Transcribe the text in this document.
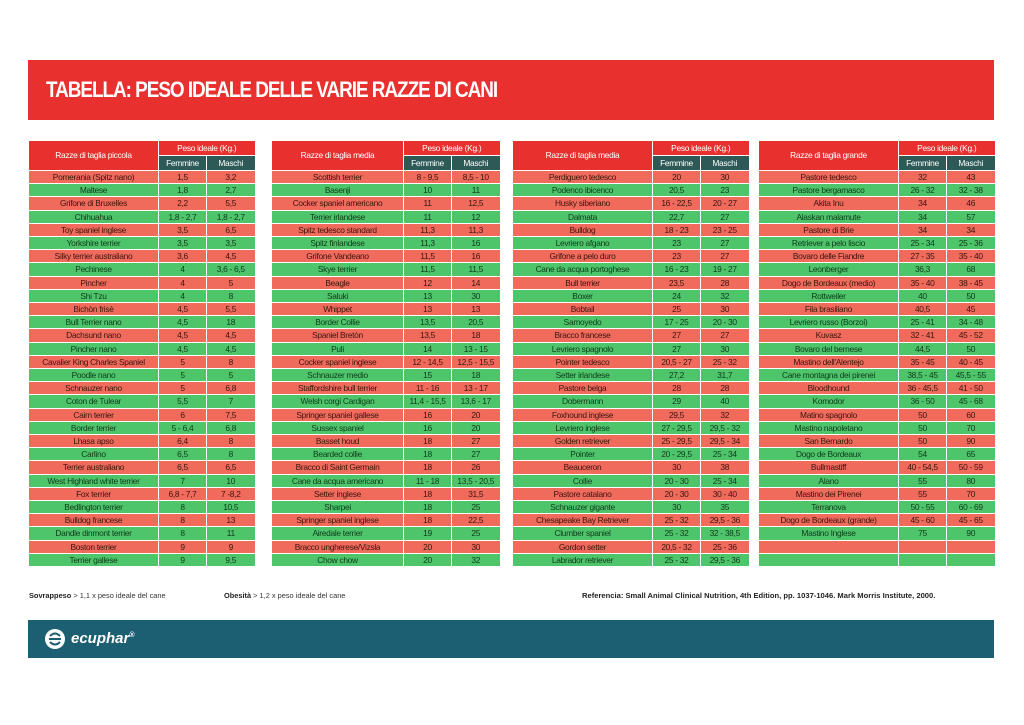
TABELLA: PESO IDEALE DELLE VARIE RAZZE DI CANI
Razze di taglia piccola	Peso ideale (Kg.)	
	Femmine	Maschi
Pomerania (Spitz nano)	1,5	3,2
Maltese	1,8	2,7
Grifone di Bruxelles	2,2	5,5
Chihuahua	1,8 - 2,7	1,8 - 2,7
Toy spaniel inglese	3,5	6,5
Yorkshire terrier	3,5	3,5
Silky terrier australiano	3,6	4,5
Pechinese	4	3,6 - 6,5
Pincher	4	5
Shi Tzu	4	8
Bichòn frisè	4,5	5,5
Bull Terrier nano	4,5	18
Dachsund nano	4,5	4,5
Pincher nano	4,5	4,5
Cavalier King Charles Spaniel	5	8
Poodle nano	5	5
Schnauzer nano	5	6,8
Coton de Tulear	5,5	7
Cairn terrier	6	7,5
Border terrier	5 - 6,4	6,8
Lhasa apso	6,4	8
Carlino	6,5	8
Terrier australiano	6,5	6,5
West Highland white terrier	7	10
Fox terrier	6,8 - 7,7	7 -8,2
Bedlington terrier	8	10,5
Bulldog francese	8	13
Dandle dinmont terrier	8	11
Boston terrier	9	9
Terrier gallese	9	9,5
Razze di taglia media	Peso ideale (Kg.)	
	Femmine	Maschi
Scottish terrier	8 - 9,5	8,5 - 10
Basenji	10	11
Cocker spaniel americano	11	12,5
Terrier irlandese	11	12
Spitz tedesco standard	11,3	11,3
Spitz finlandese	11,3	16
Grifone Vandeano	11,5	16
Skye terrier	11,5	11,5
Beagle	12	14
Saluki	13	30
Whippet	13	13
Border Collie	13,5	20,5
Spaniel Bretòn	13,5	18
Puli	14	13 - 15
Cocker spaniel inglese	12 - 14,5	12,5 - 15,5
Schnauzer medio	15	18
Staffordshire bull terrier	11 - 16	13 - 17
Welsh corgi Cardigan	11,4 - 15,5	13,6 - 17
Springer spaniel gallese	16	20
Sussex spaniel	16	20
Basset houd	18	27
Bearded collie	18	27
Bracco di Saint Germain	18	26
Cane da acqua americano	11 - 18	13,5 - 20,5
Setter inglese	18	31,5
Sharpei	18	25
Springer spaniel inglese	18	22,5
Airedale terrier	19	25
Bracco ungherese/Vizsla	20	30
Chow chow	20	32
Razze di taglia media	Peso ideale (Kg.)	
	Femmine	Maschi
Perdiguero tedesco	20	30
Podenco ibicenco	20,5	23
Husky siberiano	16 - 22,5	20 - 27
Dalmata	22,7	27
Bulldog	18 - 23	23 - 25
Levriero afgano	23	27
Grifone a pelo duro	23	27
Cane da acqua portoghese	16 - 23	19 - 27
Bull terrier	23,5	28
Boxer	24	32
Bobtail	25	30
Samoyedo	17 - 25	20 - 30
Bracco francese	27	27
Levriero spagnolo	27	30
Pointer tedesco	20,5 - 27	25 - 32
Setter irlandese	27,2	31,7
Pastore belga	28	28
Dobermann	29	40
Foxhound inglese	29,5	32
Levriero inglese	27 - 29,5	29,5 - 32
Golden retriever	25 - 29,5	29,5 - 34
Pointer	20 - 29,5	25 - 34
Beauceron	30	38
Collie	20 - 30	25 - 34
Pastore catalano	20 - 30	30 - 40
Schnauzer gigante	30	35
Chesapeake Bay Retriever	25 - 32	29,5 - 36
Clumber spaniel	25 - 32	32 - 38,5
Gordon setter	20,5 - 32	25 - 36
Labrador retriever	25 - 32	29,5 - 36
Razze di taglia grande	Peso ideale (Kg.)	
	Femmine	Maschi
Pastore tedesco	32	43
Pastore bergamasco	26 - 32	32 - 38
Akita Inu	34	46
Alaskan malamute	34	57
Pastore di Brie	34	34
Retriever a pelo liscio	25 - 34	25 - 36
Bovaro delle Fiandre	27 - 35	35 - 40
Leonberger	36,3	68
Dogo de Bordeaux (medio)	35 - 40	38 - 45
Rottweiler	40	50
Fila brasiliano	40,5	45
Levriero russo (Borzoi)	25 - 41	34 - 48
Kuvasz	32 - 41	45 - 52
Bovaro del bernese	44,5	50
Mastino dell'Alentejo	35 - 45	40 - 45
Cane montagna dei pirenei	38,5 - 45	45,5 - 55
Bloodhound	36 - 45,5	41 - 50
Komodor	36 - 50	45 - 68
Matino spagnolo	50	60
Mastino napoletano	50	70
San Bernardo	50	90
Dogo de Bordeaux	54	65
Bullmastiff	40 - 54,5	50 - 59
Alano	55	80
Mastino dei Pirenei	55	70
Terranova	50 - 55	60 - 69
Dogo de Bordeaux (grande)	45 - 60	45 - 65
Mastino Inglese	75	90

Sovrappeso > 1,1 x peso ideale del cane	Obesità > 1,2 x peso ideale del cane	Referencia: Small Animal Clinical Nutrition, 4th Edition, pp. 1037-1046. Mark Morris Institute, 2000.
ecuphar®
